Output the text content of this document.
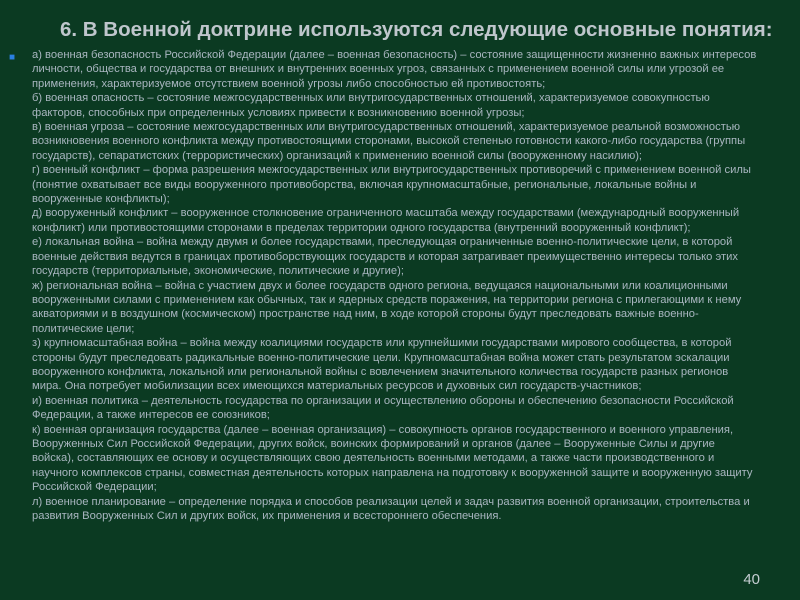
6. В Военной доктрине используются следующие основные понятия:
■ а) военная безопасность Российской Федерации (далее – военная безопасность) – состояние защищенности жизненно важных интересов личности, общества и государства от внешних и внутренних военных угроз, связанных с применением военной силы или угрозой ее применения, характеризуемое отсутствием военной угрозы либо способностью ей противостоять;

б) военная опасность – состояние межгосударственных или внутригосударственных отношений, характеризуемое совокупностью факторов, способных при определенных условиях привести к возникновению военной угрозы;

в) военная угроза – состояние межгосударственных или внутригосударственных отношений, характеризуемое реальной возможностью возникновения военного конфликта между противостоящими сторонами, высокой степенью готовности какого-либо государства (группы государств), сепаратистских (террористических) организаций к применению военной силы (вооруженному насилию);

г) военный конфликт – форма разрешения межгосударственных или внутригосударственных противоречий с применением военной силы (понятие охватывает все виды вооруженного противоборства, включая крупномасштабные, региональные, локальные войны и вооруженные конфликты);

д) вооруженный конфликт – вооруженное столкновение ограниченного масштаба между государствами (международный вооруженный конфликт) или противостоящими сторонами в пределах территории одного государства (внутренний вооруженный конфликт);

е) локальная война – война между двумя и более государствами, преследующая ограниченные военно-политические цели, в которой военные действия ведутся в границах противоборствующих государств и которая затрагивает преимущественно интересы только этих государств (территориальные, экономические, политические и другие);

ж) региональная война – война с участием двух и более государств одного региона, ведущаяся национальными или коалиционными вооруженными силами с применением как обычных, так и ядерных средств поражения, на территории региона с прилегающими к нему акваториями и в воздушном (космическом) пространстве над ним, в ходе которой стороны будут преследовать важные военно-политические цели;

з) крупномасштабная война – война между коалициями государств или крупнейшими государствами мирового сообщества, в которой стороны будут преследовать радикальные военно-политические цели. Крупномасштабная война может стать результатом эскалации вооруженного конфликта, локальной или региональной войны с вовлечением значительного количества государств разных регионов мира. Она потребует мобилизации всех имеющихся материальных ресурсов и духовных сил государств-участников;

и) военная политика – деятельность государства по организации и осуществлению обороны и обеспечению безопасности Российской Федерации, а также интересов ее союзников;

к) военная организация государства (далее – военная организация) – совокупность органов государственного и военного управления, Вооруженных Сил Российской Федерации, других войск, воинских формирований и органов (далее – Вооруженные Силы и другие войска), составляющих ее основу и осуществляющих свою деятельность военными методами, а также части производственного и научного комплексов страны, совместная деятельность которых направлена на подготовку к вооруженной защите и вооруженную защиту Российской Федерации;

л) военное планирование – определение порядка и способов реализации целей и задач развития военной организации, строительства и развития Вооруженных Сил и других войск, их применения и всестороннего обеспечения.

40
